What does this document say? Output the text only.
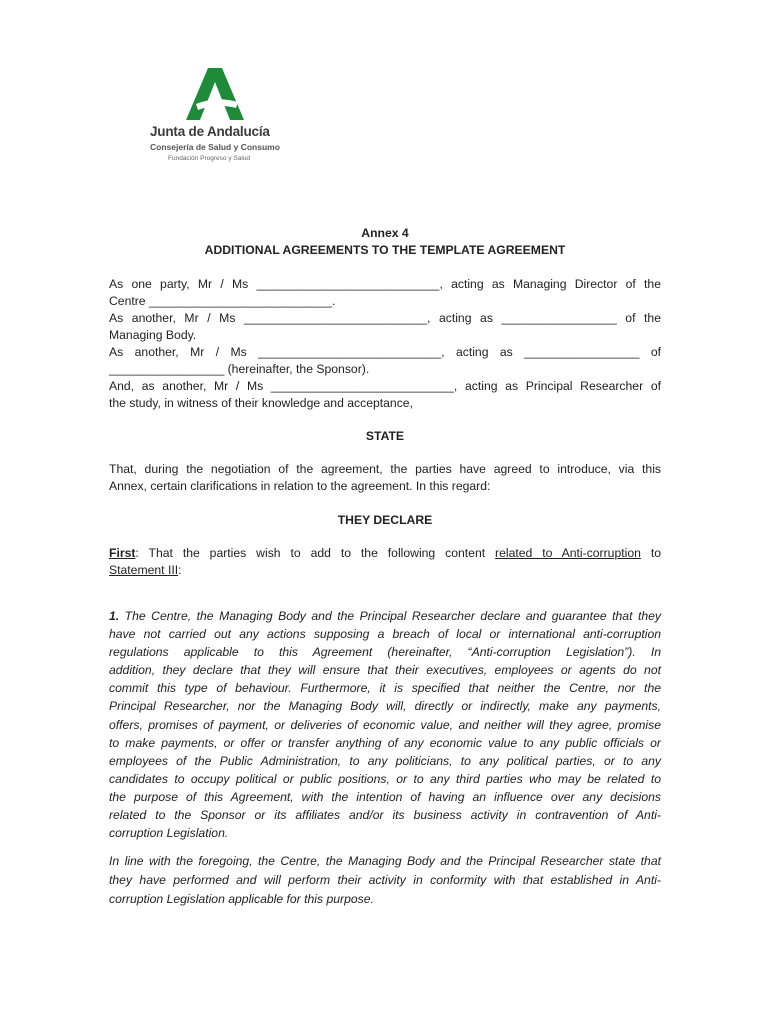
Junta de Andalucía
Consejería de Salud y Consumo
Fundación Progreso y Salud
Annex 4
ADDITIONAL AGREEMENTS TO THE TEMPLATE AGREEMENT
As one party, Mr / Ms ___________________________, acting as Managing Director of the
Centre ___________________________.
As another, Mr / Ms ___________________________, acting as _________________ of the
Managing Body.
As another, Mr / Ms ___________________________, acting as _________________ of
_________________ (hereinafter, the Sponsor).
And, as another, Mr / Ms ___________________________, acting as Principal Researcher of
the study, in witness of their knowledge and acceptance,
STATE
That, during the negotiation of the agreement, the parties have agreed to introduce, via this
Annex, certain clarifications in relation to the agreement. In this regard:
THEY DECLARE
First: That the parties wish to add to the following content related to Anti-corruption to
Statement III:
1. The Centre, the Managing Body and the Principal Researcher declare and guarantee that they
have not carried out any actions supposing a breach of local or international anti-corruption
regulations applicable to this Agreement (hereinafter, “Anti-corruption Legislation”). In
addition, they declare that they will ensure that their executives, employees or agents do not
commit this type of behaviour. Furthermore, it is specified that neither the Centre, nor the
Principal Researcher, nor the Managing Body will, directly or indirectly, make any payments,
offers, promises of payment, or deliveries of economic value, and neither will they agree, promise
to make payments, or offer or transfer anything of any economic value to any public officials or
employees of the Public Administration, to any politicians, to any political parties, or to any
candidates to occupy political or public positions, or to any third parties who may be related to
the purpose of this Agreement, with the intention of having an influence over any decisions
related to the Sponsor or its affiliates and/or its business activity in contravention of Anti-
corruption Legislation.
In line with the foregoing, the Centre, the Managing Body and the Principal Researcher state that
they have performed and will perform their activity in conformity with that established in Anti-
corruption Legislation applicable for this purpose.
